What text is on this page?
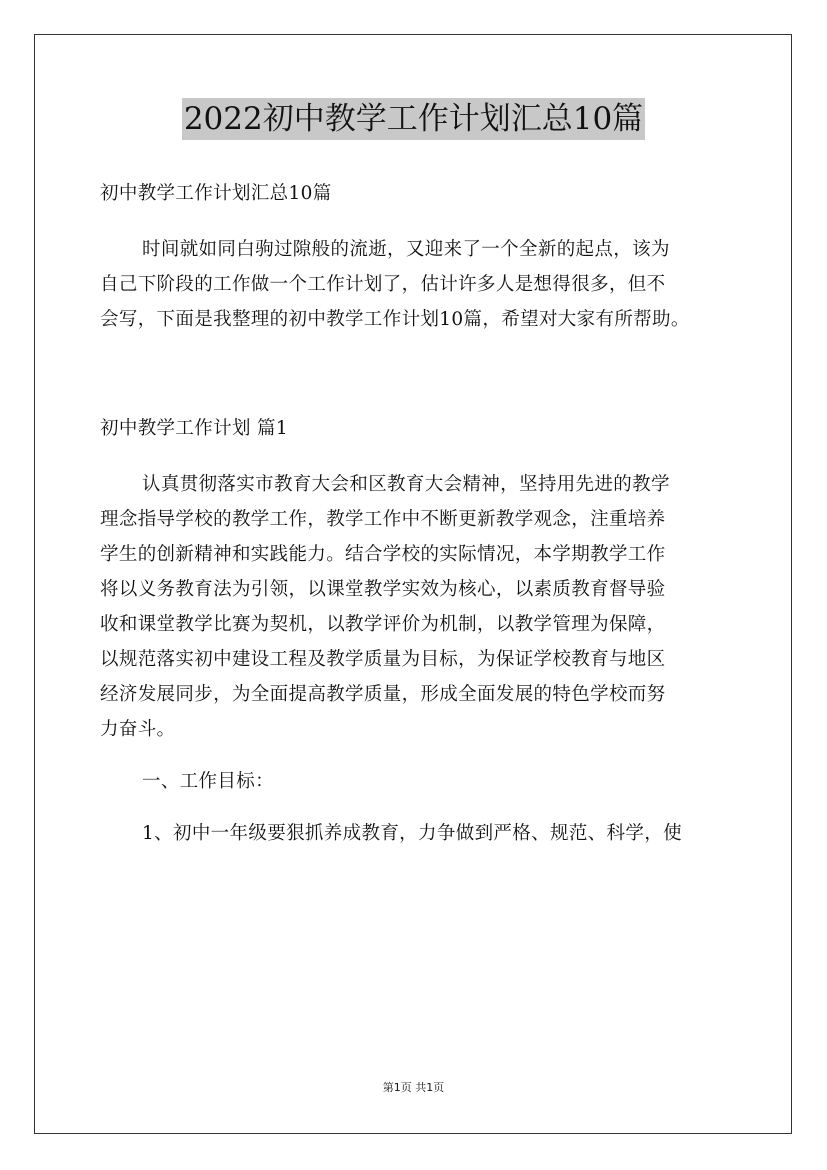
2022初中教学工作计划汇总10篇
初中教学工作计划汇总10篇
时间就如同白驹过隙般的流逝，又迎来了一个全新的起点，该为
自己下阶段的工作做一个工作计划了，估计许多人是想得很多，但不
会写，下面是我整理的初中教学工作计划10篇，希望对大家有所帮助。
初中教学工作计划 篇1
认真贯彻落实市教育大会和区教育大会精神，坚持用先进的教学
理念指导学校的教学工作，教学工作中不断更新教学观念，注重培养
学生的创新精神和实践能力。结合学校的实际情况，本学期教学工作
将以义务教育法为引领，以课堂教学实效为核心，以素质教育督导验
收和课堂教学比赛为契机，以教学评价为机制，以教学管理为保障，
以规范落实初中建设工程及教学质量为目标，为保证学校教育与地区
经济发展同步，为全面提高教学质量，形成全面发展的特色学校而努
力奋斗。
一、工作目标：
1、初中一年级要狠抓养成教育，力争做到严格、规范、科学，使
第1页 共1页
